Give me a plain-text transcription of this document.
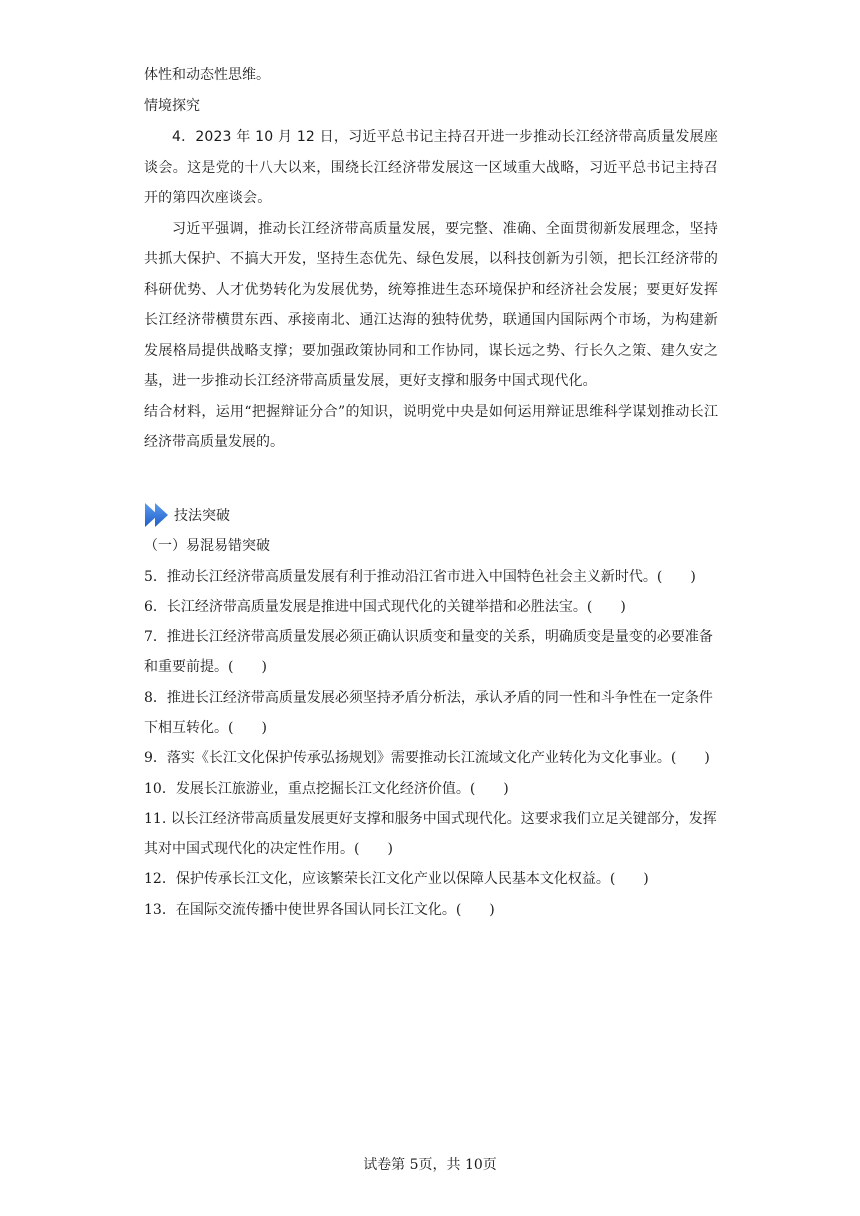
体性和动态性思维。
情境探究

4．2023 年 10 月 12 日，习近平总书记主持召开进一步推动长江经济带高质量发展座谈会。这是党的十八大以来，围绕长江经济带发展这一区域重大战略，习近平总书记主持召开的第四次座谈会。

习近平强调，推动长江经济带高质量发展，要完整、准确、全面贯彻新发展理念，坚持共抓大保护、不搞大开发，坚持生态优先、绿色发展，以科技创新为引领，把长江经济带的科研优势、人才优势转化为发展优势，统筹推进生态环境保护和经济社会发展；要更好发挥长江经济带横贯东西、承接南北、通江达海的独特优势，联通国内国际两个市场，为构建新发展格局提供战略支撑；要加强政策协同和工作协同，谋长远之势、行长久之策、建久安之基，进一步推动长江经济带高质量发展，更好支撑和服务中国式现代化。

结合材料，运用“把握辩证分合”的知识，说明党中央是如何运用辩证思维科学谋划推动长江经济带高质量发展的。

技法突破
（一）易混易错突破

5．推动长江经济带高质量发展有利于推动沿江省市进入中国特色社会主义新时代。(　　)

6．长江经济带高质量发展是推进中国式现代化的关键举措和必胜法宝。(　　)

7．推进长江经济带高质量发展必须正确认识质变和量变的关系，明确质变是量变的必要准备和重要前提。(　　)

8．推进长江经济带高质量发展必须坚持矛盾分析法，承认矛盾的同一性和斗争性在一定条件下相互转化。(　　)

9．落实《长江文化保护传承弘扬规划》需要推动长江流域文化产业转化为文化事业。(　　)

10．发展长江旅游业，重点挖掘长江文化经济价值。(　　)

11. 以长江经济带高质量发展更好支撑和服务中国式现代化。这要求我们立足关键部分，发挥其对中国式现代化的决定性作用。(　　)

12．保护传承长江文化，应该繁荣长江文化产业以保障人民基本文化权益。(　　)

13．在国际交流传播中使世界各国认同长江文化。(　　)

试卷第 5页，共 10页
